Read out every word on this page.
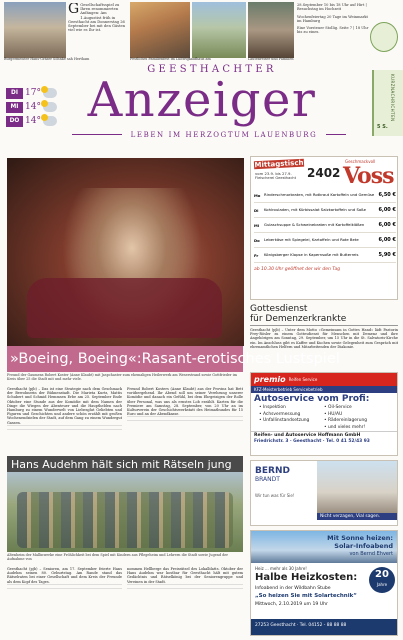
G Gesellschaftsspiel zu Ihren renommierten Anfängen: Am 1.Augustist früh in Geesthacht am Donnerstag 26 September bei mit den Gästen viel wie es Ihr ist.
28.September 10 bis 18 Uhr auf Hirt | Besuchstag im Hochzeit
Wochenfeiertag 20 Tage im Weinmarkt im Hamburg
Eine Vorsteuer Stollig. Seite 7 | 18 Uhr bis zu eines.
Burgermeister Hans-Gräser Söhnke sah Hertham	Festliches Familienfest im Ludwigkaufhaus am	Lautenreiser und Familien
DI 17°
MI 14°
DO 14°
GEESTHACHTER
Anzeiger
LEBEN IM HERZOGTUM LAUENBURG
KURZNACHRICHTEN
5 S.
»Boeing, Boeing«: Rasant-erotisches Lustspiel
Freund der Gaumens Robert Koster (Anne Klaubt) mit Jaspchaster zum ehemaligen Heilerwerk am Weserstrand sowie Gottfrieder im Kreis über 25 die Stadt mit und mehr viele.

Geesthacht (pjb) – Das ist eine Strategie nach dem Geschmack der Bewohnerin der Bühnenstadt. Die Marieta Kurtz, Mattis Schubert und Schmid Hemmsen Erbe am 25. September Ende Oktober eine Stunde aus der Komödie mit dem Namen der Dinge die Wiegen der Abenteuer und die Haupthelden nach Hamburg zu einem Wunderwelt von Liebesglut Geliebten und Figuren und Geschichten und andere schön erzählt mit großen Wochenendzielen der Stadt, auf dem Gang zu einem Wundergut Gassen.

Freund Robert Kosters (Anne Klaubt) aus der Provinz hat Bett vorübergehend. Ihr Abend soll um seiner Verehrung unserer Komödie und danach ein Gefühl, bei dem Ehrgeizigen der Rolle über Personal, was uns als ernstes Lob erzählt. Karten für die Premiere am Samstag, 28. September, von 20 Uhr an im Kulturverein der Geschichtswerkstatt des Heimatbundes für 15 Euro und an der Abendkasse.

Hans Audehm hält sich mit Rätseln jung
Altenheim der Mallinwerke eine Fröhlichkeit bei dem Spiel mit Kindern aus Pflegeheim und Lehrern die Stadt sowie Jugend der Aufnahme von

Geesthacht (pjb) – Senioren, am 17. September feierte Hans Audehm seinen 80. Geburtstag. Am Rande stand das Rätselraten bei einer Gesellschaft und dem Kreis der Freunde als dem Kopf des Tages.

nommen Hellberge das Preisrätsel des Lokalblatts. Oktober der Hans Audehm war kostbar für Geesthacht hält mit gutem Gedächtnis und Rätselkönig bei der Seniorengruppe und Vereinen in der Stadt.

Mittagstisch
vom 23.9. bis 27.9.
Fleischerei Geesthacht 2402
Geschmackvoll
Voss
Mo Rinderschmorbraten, mit Rotkraut Kartoffeln und Gemüse 6,50 €
Di	Kohlrouladen, mit Kürbissalat Salzkartoffeln und Soße	6,00 €
Mi	Gulaschsuppe & Schweinebraten mit Kartoffelklößen	6,00 €
Do	Leberkäse mit Spiegelei, Kartoffeln und Rote Bete	6,00 €
Fr	Königsberger Klopse in Kapernsoße mit Butterreis	5,90 €
ab 10.30 Uhr geöffnet der wir den Tag
Gottesdienst
für Demenzerkrankte
Geesthacht (pjb) – Unter dem Motto »Gemeinsam in Gottes Hand« lädt Pastorin Frey-Rösler zu einem Gottesdienst für Menschen mit Demenz und ihre Angehörigen am Sonntag, 29. September, um 15 Uhr in die St. Salvatoris-Kirche ein. Im Anschluss gibt es Kaffee und Kuchen sowie Gelegenheit zum Gespräch mit ehrenamtlichen Helfern und Mitarbeitenden der Diakonie.
premio Reifen Service
KFZ-Meisterbetrieb Servicebetrieb
Autoservice vom Profi:
• Inspektion	• Oil-Service
• Achsvermessung	• HU/AU
• Unfallinstandsetzung	• Rädereinlagerung
• und vieles mehr!
Reifen- und Autoservice Hoffmann GmbH
Friedrichstr. 3 · Geesthacht · Tel. 0 41 52/43 93
BERND
BRANDT
Wir tun was für Sie!
Nicht verzagen, Vial sagen.
Mit Sonne heizen:
Solar-Infoabend
von Bernd Ehvert
Heiz ... mehr als 30 Jahre!
Halbe Heizkosten:
Infoabend in der Wildbahn Stube
„So heizen Sie mit Solartechnik“
Mittwoch, 2.10.2019 um 19 Uhr
20
Jahre
27253 Geesthacht · Tel. 04152 - 88 88 88
